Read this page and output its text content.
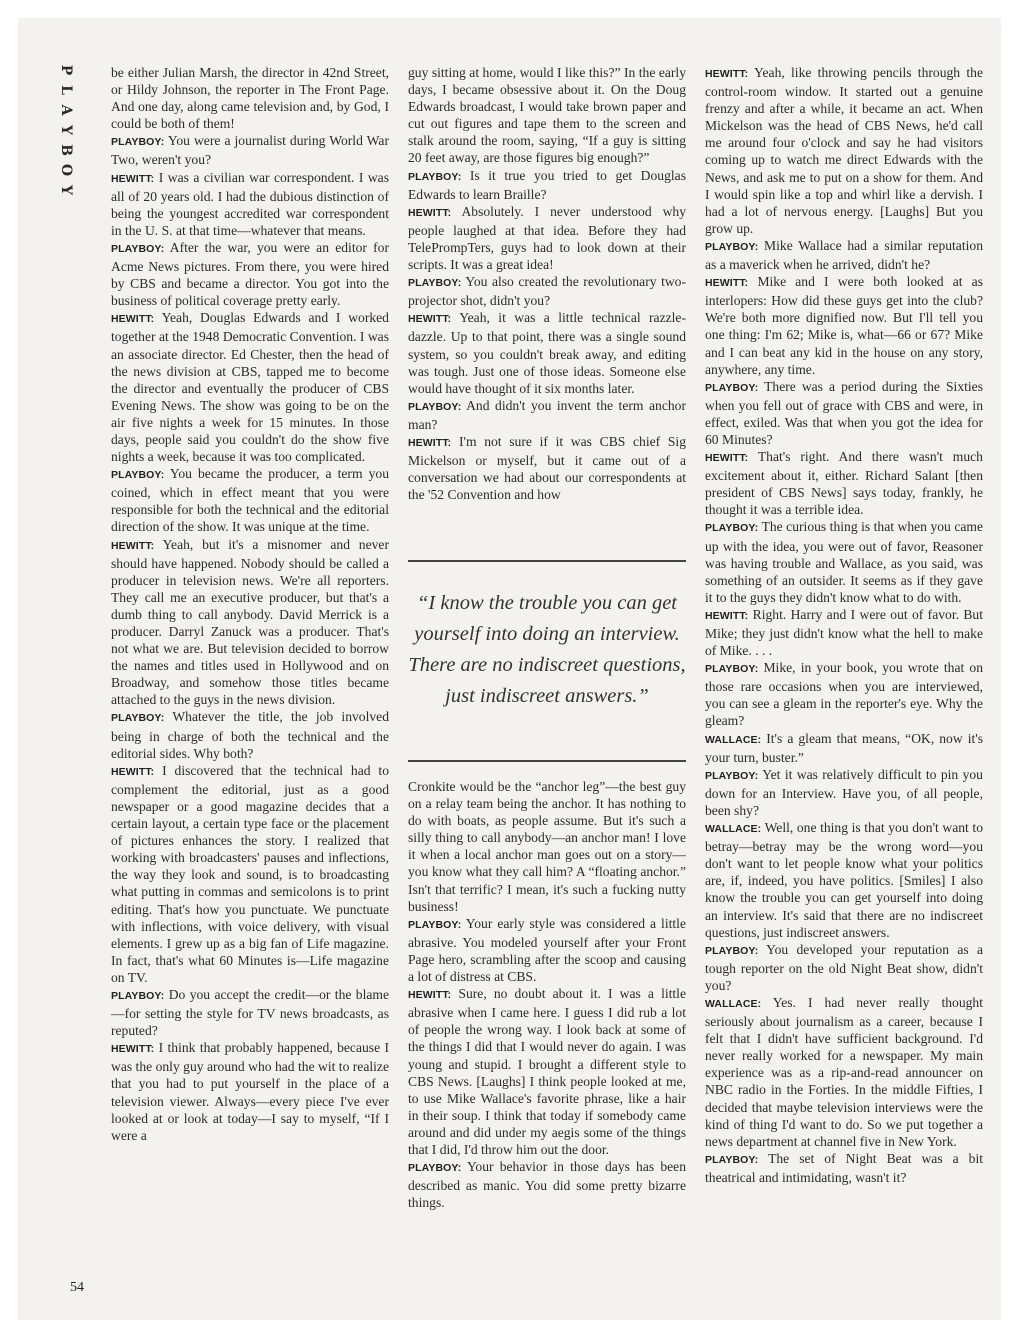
P
L
A
Y
B
O
Y

be either Julian Marsh, the director in 42nd Street, or Hildy Johnson, the reporter in The Front Page. And one day, along came television and, by God, I could be both of them!

PLAYBOY: You were a journalist during World War Two, weren't you?

HEWITT: I was a civilian war correspondent. I was all of 20 years old. I had the dubious distinction of being the youngest accredited war correspondent in the U. S. at that time—whatever that means.

PLAYBOY: After the war, you were an editor for Acme News pictures. From there, you were hired by CBS and became a director. You got into the business of political coverage pretty early.

HEWITT: Yeah, Douglas Edwards and I worked together at the 1948 Democratic Convention. I was an associate director. Ed Chester, then the head of the news division at CBS, tapped me to become the director and eventually the producer of CBS Evening News. The show was going to be on the air five nights a week for 15 minutes. In those days, people said you couldn't do the show five nights a week, because it was too complicated.

PLAYBOY: You became the producer, a term you coined, which in effect meant that you were responsible for both the technical and the editorial direction of the show. It was unique at the time.

HEWITT: Yeah, but it's a misnomer and never should have happened. Nobody should be called a producer in television news. We're all reporters. They call me an executive producer, but that's a dumb thing to call anybody. David Merrick is a producer. Darryl Zanuck was a producer. That's not what we are. But television decided to borrow the names and titles used in Hollywood and on Broadway, and somehow those titles became attached to the guys in the news division.

PLAYBOY: Whatever the title, the job involved being in charge of both the technical and the editorial sides. Why both?

HEWITT: I discovered that the technical had to complement the editorial, just as a good newspaper or a good magazine decides that a certain layout, a certain type face or the placement of pictures enhances the story. I realized that working with broadcasters' pauses and inflections, the way they look and sound, is to broadcasting what putting in commas and semicolons is to print editing. That's how you punctuate. We punctuate with inflections, with voice delivery, with visual elements. I grew up as a big fan of Life magazine. In fact, that's what 60 Minutes is—Life magazine on TV.

PLAYBOY: Do you accept the credit—or the blame—for setting the style for TV news broadcasts, as reputed?

HEWITT: I think that probably happened, because I was the only guy around who had the wit to realize that you had to put yourself in the place of a television viewer. Always—every piece I've ever looked at or look at today—I say to myself, “If I were a

guy sitting at home, would I like this?” In the early days, I became obsessive about it. On the Doug Edwards broadcast, I would take brown paper and cut out figures and tape them to the screen and stalk around the room, saying, “If a guy is sitting 20 feet away, are those figures big enough?”

PLAYBOY: Is it true you tried to get Douglas Edwards to learn Braille?

HEWITT: Absolutely. I never understood why people laughed at that idea. Before they had TelePrompTers, guys had to look down at their scripts. It was a great idea!

PLAYBOY: You also created the revolutionary two-projector shot, didn't you?

HEWITT: Yeah, it was a little technical razzle-dazzle. Up to that point, there was a single sound system, so you couldn't break away, and editing was tough. Just one of those ideas. Someone else would have thought of it six months later.

PLAYBOY: And didn't you invent the term anchor man?

HEWITT: I'm not sure if it was CBS chief Sig Mickelson or myself, but it came out of a conversation we had about our correspondents at the '52 Convention and how

“I know the trouble you can get yourself into doing an interview. There are no indiscreet questions, just indiscreet answers.”

Cronkite would be the “anchor leg”—the best guy on a relay team being the anchor. It has nothing to do with boats, as people assume. But it's such a silly thing to call anybody—an anchor man! I love it when a local anchor man goes out on a story—you know what they call him? A “floating anchor.” Isn't that terrific? I mean, it's such a fucking nutty business!

PLAYBOY: Your early style was considered a little abrasive. You modeled yourself after your Front Page hero, scrambling after the scoop and causing a lot of distress at CBS.

HEWITT: Sure, no doubt about it. I was a little abrasive when I came here. I guess I did rub a lot of people the wrong way. I look back at some of the things I did that I would never do again. I was young and stupid. I brought a different style to CBS News. [Laughs] I think people looked at me, to use Mike Wallace's favorite phrase, like a hair in their soup. I think that today if somebody came around and did under my aegis some of the things that I did, I'd throw him out the door.

PLAYBOY: Your behavior in those days has been described as manic. You did some pretty bizarre things.

HEWITT: Yeah, like throwing pencils through the control-room window. It started out a genuine frenzy and after a while, it became an act. When Mickelson was the head of CBS News, he'd call me around four o'clock and say he had visitors coming up to watch me direct Edwards with the News, and ask me to put on a show for them. And I would spin like a top and whirl like a dervish. I had a lot of nervous energy. [Laughs] But you grow up.

PLAYBOY: Mike Wallace had a similar reputation as a maverick when he arrived, didn't he?

HEWITT: Mike and I were both looked at as interlopers: How did these guys get into the club? We're both more dignified now. But I'll tell you one thing: I'm 62; Mike is, what—66 or 67? Mike and I can beat any kid in the house on any story, anywhere, any time.

PLAYBOY: There was a period during the Sixties when you fell out of grace with CBS and were, in effect, exiled. Was that when you got the idea for 60 Minutes?

HEWITT: That's right. And there wasn't much excitement about it, either. Richard Salant [then president of CBS News] says today, frankly, he thought it was a terrible idea.

PLAYBOY: The curious thing is that when you came up with the idea, you were out of favor, Reasoner was having trouble and Wallace, as you said, was something of an outsider. It seems as if they gave it to the guys they didn't know what to do with.

HEWITT: Right. Harry and I were out of favor. But Mike; they just didn't know what the hell to make of Mike. . . .

PLAYBOY: Mike, in your book, you wrote that on those rare occasions when you are interviewed, you can see a gleam in the reporter's eye. Why the gleam?

WALLACE: It's a gleam that means, “OK, now it's your turn, buster.”

PLAYBOY: Yet it was relatively difficult to pin you down for an Interview. Have you, of all people, been shy?

WALLACE: Well, one thing is that you don't want to betray—betray may be the wrong word—you don't want to let people know what your politics are, if, indeed, you have politics. [Smiles] I also know the trouble you can get yourself into doing an interview. It's said that there are no indiscreet questions, just indiscreet answers.

PLAYBOY: You developed your reputation as a tough reporter on the old Night Beat show, didn't you?

WALLACE: Yes. I had never really thought seriously about journalism as a career, because I felt that I didn't have sufficient background. I'd never really worked for a newspaper. My main experience was as a rip-and-read announcer on NBC radio in the Forties. In the middle Fifties, I decided that maybe television interviews were the kind of thing I'd want to do. So we put together a news department at channel five in New York.

PLAYBOY: The set of Night Beat was a bit theatrical and intimidating, wasn't it?

54
